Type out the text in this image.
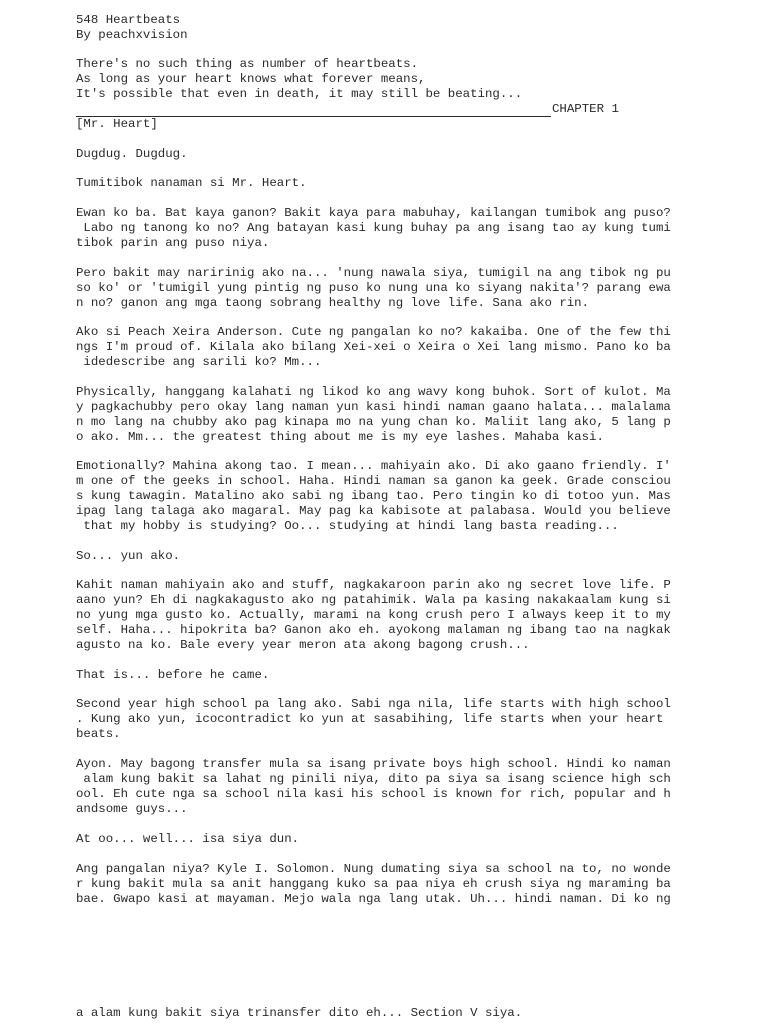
548 Heartbeats
By peachxvision
There's no such thing as number of heartbeats.
As long as your heart knows what forever means,
It's possible that even in death, it may still be beating...
CHAPTER 1
[Mr. Heart]
Dugdug. Dugdug.
Tumitibok nanaman si Mr. Heart.
Ewan ko ba. Bat kaya ganon? Bakit kaya para mabuhay, kailangan tumibok ang puso?
Labo ng tanong ko no? Ang batayan kasi kung buhay pa ang isang tao ay kung tumi
tibok parin ang puso niya.
Pero bakit may naririnig ako na... 'nung nawala siya, tumigil na ang tibok ng pu
so ko' or 'tumigil yung pintig ng puso ko nung una ko siyang nakita'? parang ewa
n no? ganon ang mga taong sobrang healthy ng love life. Sana ako rin.
Ako si Peach Xeira Anderson. Cute ng pangalan ko no? kakaiba. One of the few thi
ngs I'm proud of. Kilala ako bilang Xei-xei o Xeira o Xei lang mismo. Pano ko ba
idedescribe ang sarili ko? Mm...
Physically, hanggang kalahati ng likod ko ang wavy kong buhok. Sort of kulot. Ma
y pagkachubby pero okay lang naman yun kasi hindi naman gaano halata... malalama
n mo lang na chubby ako pag kinapa mo na yung chan ko. Maliit lang ako, 5 lang p
o ako. Mm... the greatest thing about me is my eye lashes. Mahaba kasi.
Emotionally? Mahina akong tao. I mean... mahiyain ako. Di ako gaano friendly. I'
m one of the geeks in school. Haha. Hindi naman sa ganon ka geek. Grade consciou
s kung tawagin. Matalino ako sabi ng ibang tao. Pero tingin ko di totoo yun. Mas
ipag lang talaga ako magaral. May pag ka kabisote at palabasa. Would you believe
that my hobby is studying? Oo... studying at hindi lang basta reading...
So... yun ako.
Kahit naman mahiyain ako and stuff, nagkakaroon parin ako ng secret love life. P
aano yun? Eh di nagkakagusto ako ng patahimik. Wala pa kasing nakakaalam kung si
no yung mga gusto ko. Actually, marami na kong crush pero I always keep it to my
self. Haha... hipokrita ba? Ganon ako eh. ayokong malaman ng ibang tao na nagkak
agusto na ko. Bale every year meron ata akong bagong crush...
That is... before he came.
Second year high school pa lang ako. Sabi nga nila, life starts with high school
. Kung ako yun, icocontradict ko yun at sasabihing, life starts when your heart
beats.
Ayon. May bagong transfer mula sa isang private boys high school. Hindi ko naman
alam kung bakit sa lahat ng pinili niya, dito pa siya sa isang science high sch
ool. Eh cute nga sa school nila kasi his school is known for rich, popular and h
andsome guys...
At oo... well... isa siya dun.
Ang pangalan niya? Kyle I. Solomon. Nung dumating siya sa school na to, no wonde
r kung bakit mula sa anit hanggang kuko sa paa niya eh crush siya ng maraming ba
bae. Gwapo kasi at mayaman. Mejo wala nga lang utak. Uh... hindi naman. Di ko ng
a alam kung bakit siya trinansfer dito eh... Section V siya.
